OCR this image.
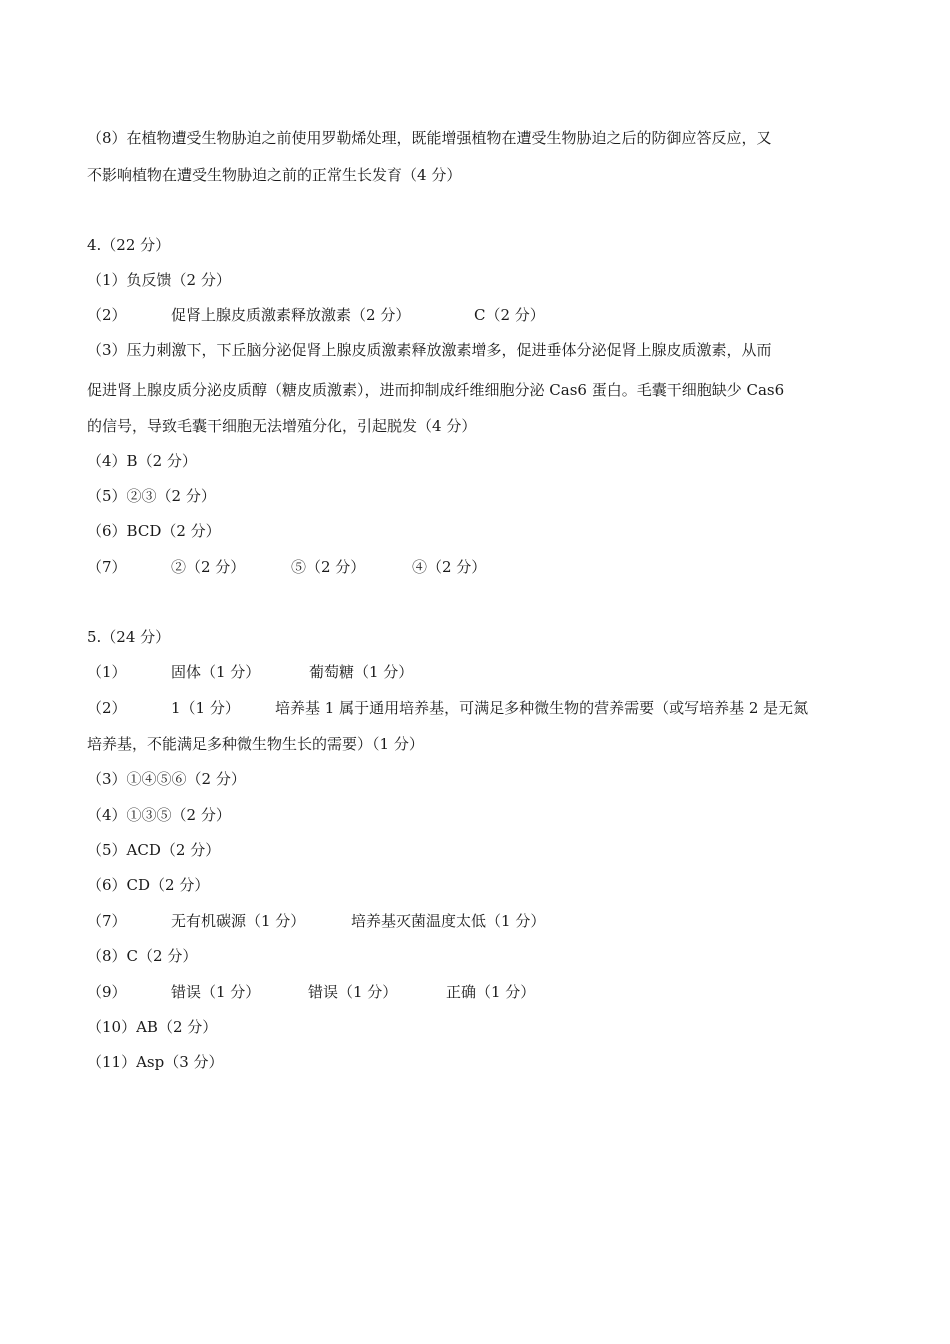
（8）在植物遭受生物胁迫之前使用罗勒烯处理，既能增强植物在遭受生物胁迫之后的防御应答反应，又
不影响植物在遭受生物胁迫之前的正常生长发育（4 分）
4.（22 分）
（1）负反馈（2 分）
（2）	促肾上腺皮质激素释放激素（2 分）	C（2 分）
（3）压力刺激下，下丘脑分泌促肾上腺皮质激素释放激素增多，促进垂体分泌促肾上腺皮质激素，从而
促进肾上腺皮质分泌皮质醇（糖皮质激素），进而抑制成纤维细胞分泌 Cas6 蛋白。毛囊干细胞缺少 Cas6
的信号，导致毛囊干细胞无法增殖分化，引起脱发（4 分）
（4）B（2 分）
（5）②③（2 分）
（6）BCD（2 分）
（7）	②（2 分）	⑤（2 分）	④（2 分）
5.（24 分）
（1）	固体（1 分）	葡萄糖（1 分）
（2）	1（1 分） 培养基 1 属于通用培养基，可满足多种微生物的营养需要（或写培养基 2 是无氮
培养基，不能满足多种微生物生长的需要）（1 分）
（3）①④⑤⑥（2 分）
（4）①③⑤（2 分）
（5）ACD（2 分）
（6）CD（2 分）
（7）	无有机碳源（1 分）	培养基灭菌温度太低（1 分）
（8）C（2 分）
（9）	错误（1 分）	错误（1 分）	正确（1 分）
（10）AB（2 分）
（11）Asp（3 分）
